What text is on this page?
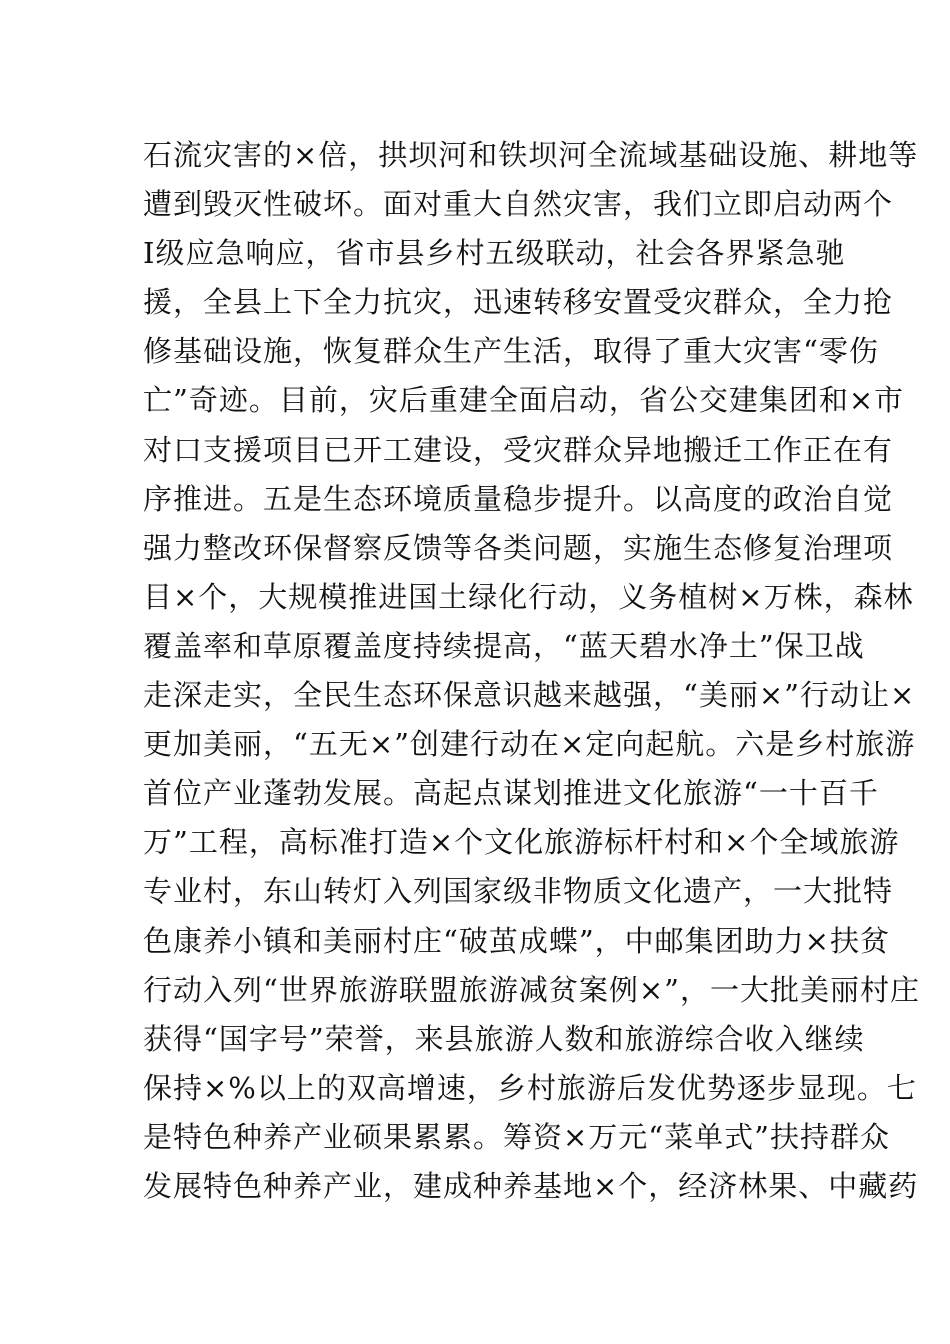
石流灾害的×倍，拱坝河和铁坝河全流域基础设施、耕地等
遭到毁灭性破坏。面对重大自然灾害，我们立即启动两个
Ⅰ级应急响应，省市县乡村五级联动，社会各界紧急驰
援，全县上下全力抗灾，迅速转移安置受灾群众，全力抢
修基础设施，恢复群众生产生活，取得了重大灾害“零伤
亡”奇迹。目前，灾后重建全面启动，省公交建集团和×市
对口支援项目已开工建设，受灾群众异地搬迁工作正在有
序推进。五是生态环境质量稳步提升。以高度的政治自觉
强力整改环保督察反馈等各类问题，实施生态修复治理项
目×个，大规模推进国土绿化行动，义务植树×万株，森林
覆盖率和草原覆盖度持续提高，“蓝天碧水净土”保卫战
走深走实，全民生态环保意识越来越强，“美丽×”行动让×
更加美丽，“五无×”创建行动在×定向起航。六是乡村旅游
首位产业蓬勃发展。高起点谋划推进文化旅游“一十百千
万”工程，高标准打造×个文化旅游标杆村和×个全域旅游
专业村，东山转灯入列国家级非物质文化遗产，一大批特
色康养小镇和美丽村庄“破茧成蝶”，中邮集团助力×扶贫
行动入列“世界旅游联盟旅游减贫案例×”，一大批美丽村庄
获得“国字号”荣誉，来县旅游人数和旅游综合收入继续
保持×%以上的双高增速，乡村旅游后发优势逐步显现。七
是特色种养产业硕果累累。筹资×万元“菜单式”扶持群众
发展特色种养产业，建成种养基地×个，经济林果、中藏药
